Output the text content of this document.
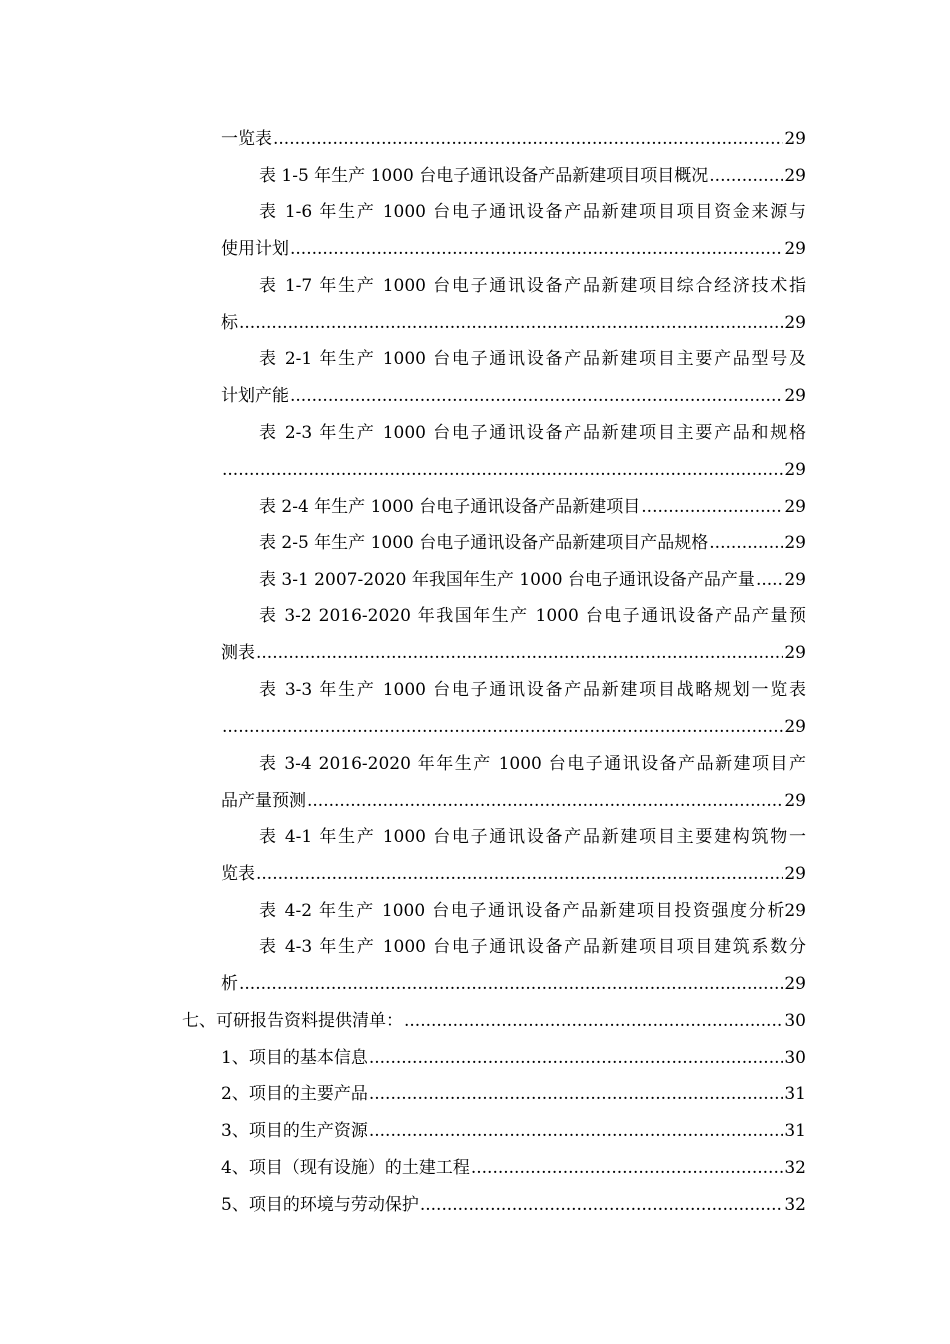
一览表 .....	29
表 1-5 年生产 1000 台电子通讯设备产品新建项目项目概况 .....	29
表 1-6 年生产 1000 台电子通讯设备产品新建项目项目资金来源与
使用计划 .....	29
表 1-7 年生产 1000 台电子通讯设备产品新建项目综合经济技术指
标 .....	29
表 2-1 年生产 1000 台电子通讯设备产品新建项目主要产品型号及
计划产能 .....	29
表 2-3 年生产 1000 台电子通讯设备产品新建项目主要产品和规格
.....
29
表 2-4 年生产 1000 台电子通讯设备产品新建项目 .....	29
表 2-5 年生产 1000 台电子通讯设备产品新建项目产品规格 .....	29
表 3-1 2007-2020 年我国年生产 1000 台电子通讯设备产品产量 ..... 29
表 3-2 2016-2020 年我国年生产 1000 台电子通讯设备产品产量预
测表 .....	29
表 3-3 年生产 1000 台电子通讯设备产品新建项目战略规划一览表
.....
29
表 3-4 2016-2020 年年生产 1000 台电子通讯设备产品新建项目产
品产量预测 .....	29
表 4-1 年生产 1000 台电子通讯设备产品新建项目主要建构筑物一
览表 .....	29
表 4-2 年生产 1000 台电子通讯设备产品新建项目投资强度分析 29
表 4-3 年生产 1000 台电子通讯设备产品新建项目项目建筑系数分
析 .....	29
七、可研报告资料提供清单： .....	30
1、项目的基本信息 .....	30
2、项目的主要产品 .....	31
3、项目的生产资源 .....	31
4、项目（现有设施）的土建工程 .....	32
5、项目的环境与劳动保护 .....	32
